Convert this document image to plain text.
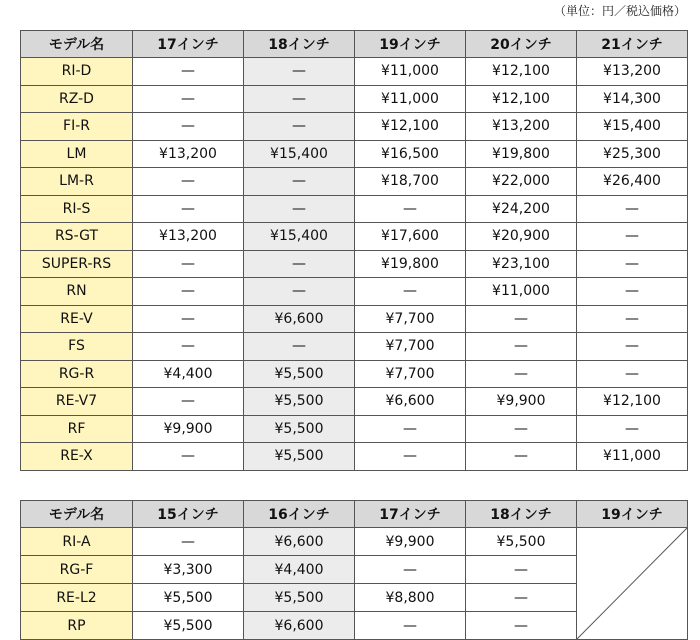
（単位：円／税込価格）
モデル名	17インチ	18インチ	19インチ	20インチ	21インチ
RI-D	—	—	¥11,000	¥12,100	¥13,200
RZ-D	—	—	¥11,000	¥12,100	¥14,300
FI-R	—	—	¥12,100	¥13,200	¥15,400
LM	¥13,200	¥15,400	¥16,500	¥19,800	¥25,300
LM-R	—	—	¥18,700	¥22,000	¥26,400
RI-S	—	—	—	¥24,200	—
RS-GT	¥13,200	¥15,400	¥17,600	¥20,900	—
SUPER-RS	—	—	¥19,800	¥23,100	—
RN	—	—	—	¥11,000	—
RE-V	—	¥6,600	¥7,700	—	—
FS	—	—	¥7,700	—	—
RG-R	¥4,400	¥5,500	¥7,700	—	—
RE-V7	—	¥5,500	¥6,600	¥9,900	¥12,100
RF	¥9,900	¥5,500	—	—	—
RE-X	—	¥5,500	—	—	¥11,000
モデル名	15インチ	16インチ	17インチ	18インチ	19インチ
RI-A	—	¥6,600	¥9,900	¥5,500	

RG-F	¥3,300	¥4,400	—	—	
RE-L2	¥5,500	¥5,500	¥8,800	—	
RP	¥5,500	¥6,600	—	—	
